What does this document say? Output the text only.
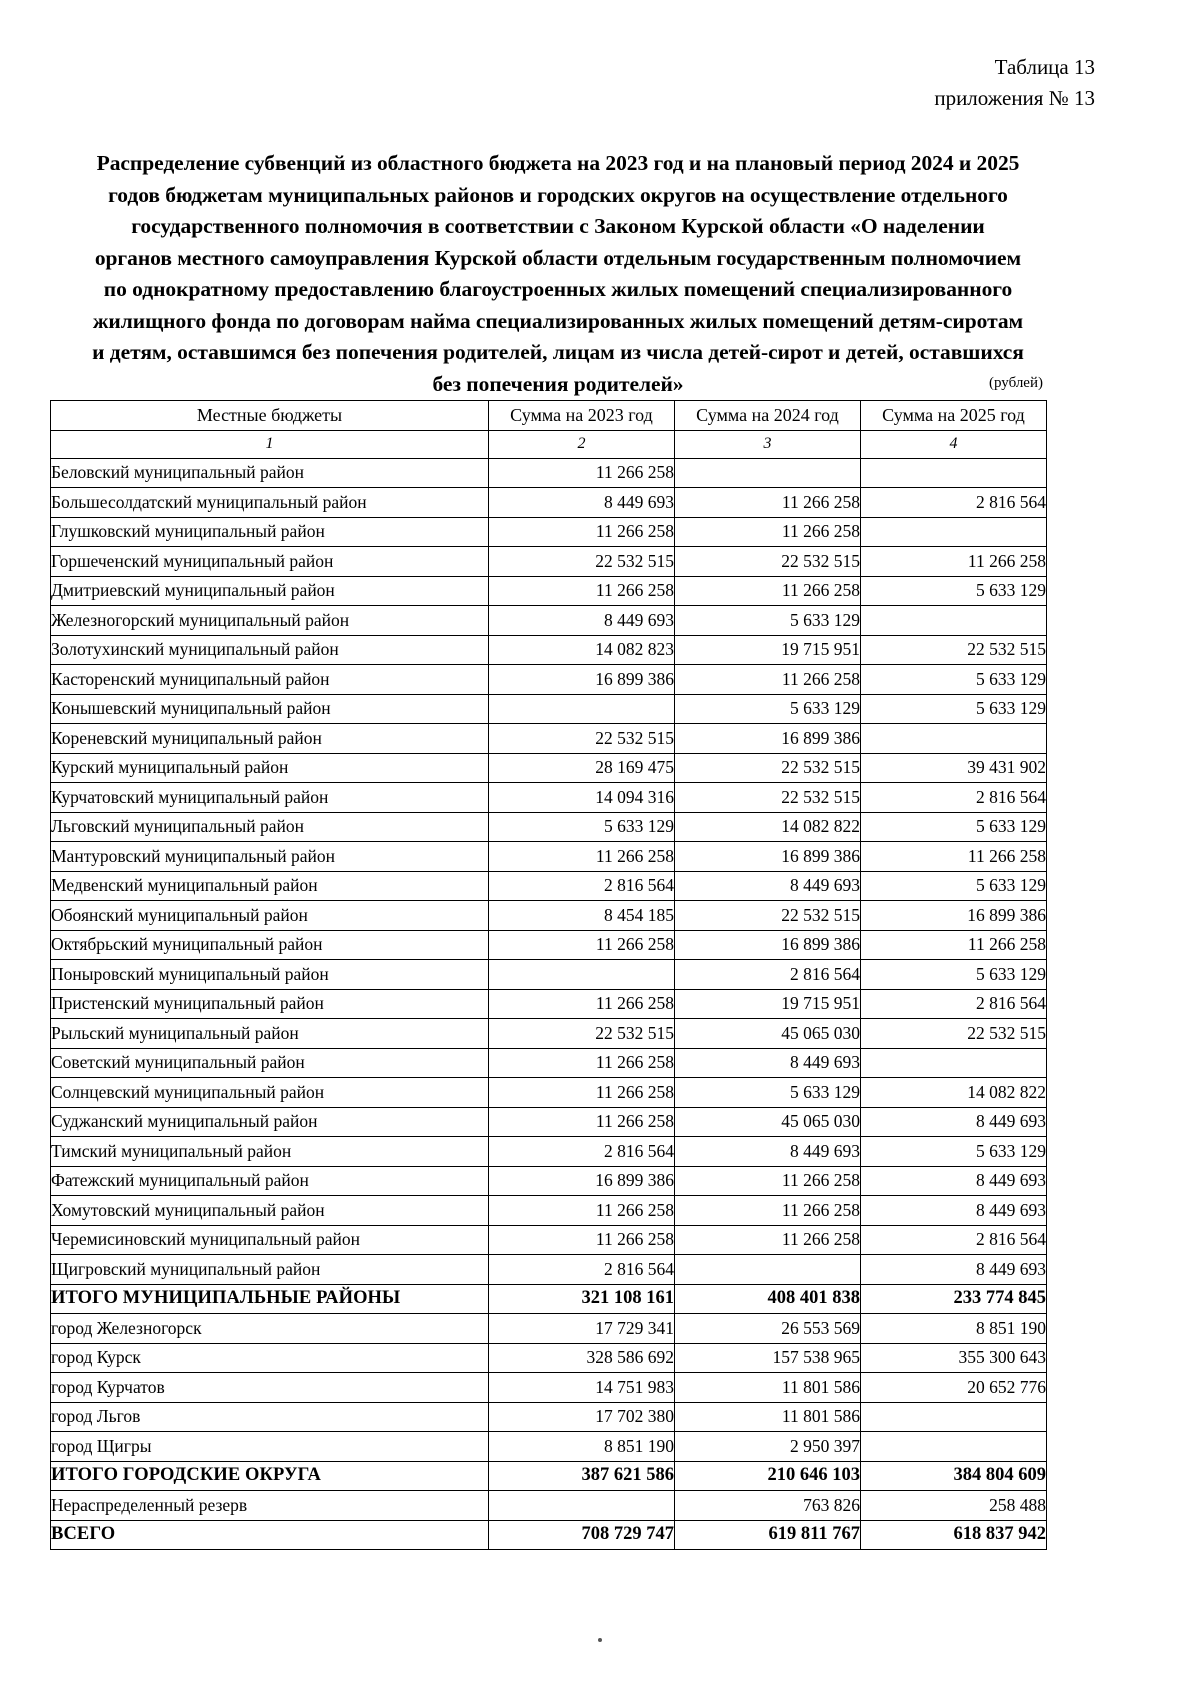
Таблица 13
приложения № 13

Распределение субвенций из областного бюджета на 2023 год и на плановый период 2024 и 2025

годов бюджетам муниципальных районов и городских округов на осуществление отдельного

государственного полномочия в соответствии с Законом Курской области «О наделении

органов местного самоуправления Курской области отдельным государственным полномочием

по однократному предоставлению благоустроенных жилых помещений специализированного

жилищного фонда по договорам найма специализированных жилых помещений детям-сиротам

и детям, оставшимся без попечения родителей, лицам из числа детей-сирот и детей, оставшихся

без попечения родителей»	(рублей)
Местные бюджеты	Сумма на 2023 год	Сумма на 2024 год	Сумма на 2025 год
1	2	3	4
Беловский муниципальный район	11 266 258		
Большесолдатский муниципальный район	8 449 693	11 266 258	2 816 564
Глушковский муниципальный район	11 266 258	11 266 258	
Горшеченский муниципальный район	22 532 515	22 532 515	11 266 258
Дмитриевский муниципальный район	11 266 258	11 266 258	5 633 129
Железногорский муниципальный район	8 449 693	5 633 129	
Золотухинский муниципальный район	14 082 823	19 715 951	22 532 515
Касторенский муниципальный район	16 899 386	11 266 258	5 633 129
Конышевский муниципальный район		5 633 129	5 633 129
Кореневский муниципальный район	22 532 515	16 899 386	
Курский муниципальный район	28 169 475	22 532 515	39 431 902
Курчатовский муниципальный район	14 094 316	22 532 515	2 816 564
Льговский муниципальный район	5 633 129	14 082 822	5 633 129
Мантуровский муниципальный район	11 266 258	16 899 386	11 266 258
Медвенский муниципальный район	2 816 564	8 449 693	5 633 129
Обоянский муниципальный район	8 454 185	22 532 515	16 899 386
Октябрьский муниципальный район	11 266 258	16 899 386	11 266 258
Поныровский муниципальный район		2 816 564	5 633 129
Пристенский муниципальный район	11 266 258	19 715 951	2 816 564
Рыльский муниципальный район	22 532 515	45 065 030	22 532 515
Советский муниципальный район	11 266 258	8 449 693	
Солнцевский муниципальный район	11 266 258	5 633 129	14 082 822
Суджанский муниципальный район	11 266 258	45 065 030	8 449 693
Тимский муниципальный район	2 816 564	8 449 693	5 633 129
Фатежский муниципальный район	16 899 386	11 266 258	8 449 693
Хомутовский муниципальный район	11 266 258	11 266 258	8 449 693
Черемисиновский муниципальный район	11 266 258	11 266 258	2 816 564
Щигровский муниципальный район	2 816 564		8 449 693
ИТОГО МУНИЦИПАЛЬНЫЕ РАЙОНЫ	321 108 161	408 401 838	233 774 845
город Железногорск	17 729 341	26 553 569	8 851 190
город Курск	328 586 692	157 538 965	355 300 643
город Курчатов	14 751 983	11 801 586	20 652 776
город Льгов	17 702 380	11 801 586	
город Щигры	8 851 190	2 950 397	
ИТОГО ГОРОДСКИЕ ОКРУГА	387 621 586	210 646 103	384 804 609
Нераспределенный резерв		763 826	258 488
ВСЕГО	708 729 747	619 811 767	618 837 942
